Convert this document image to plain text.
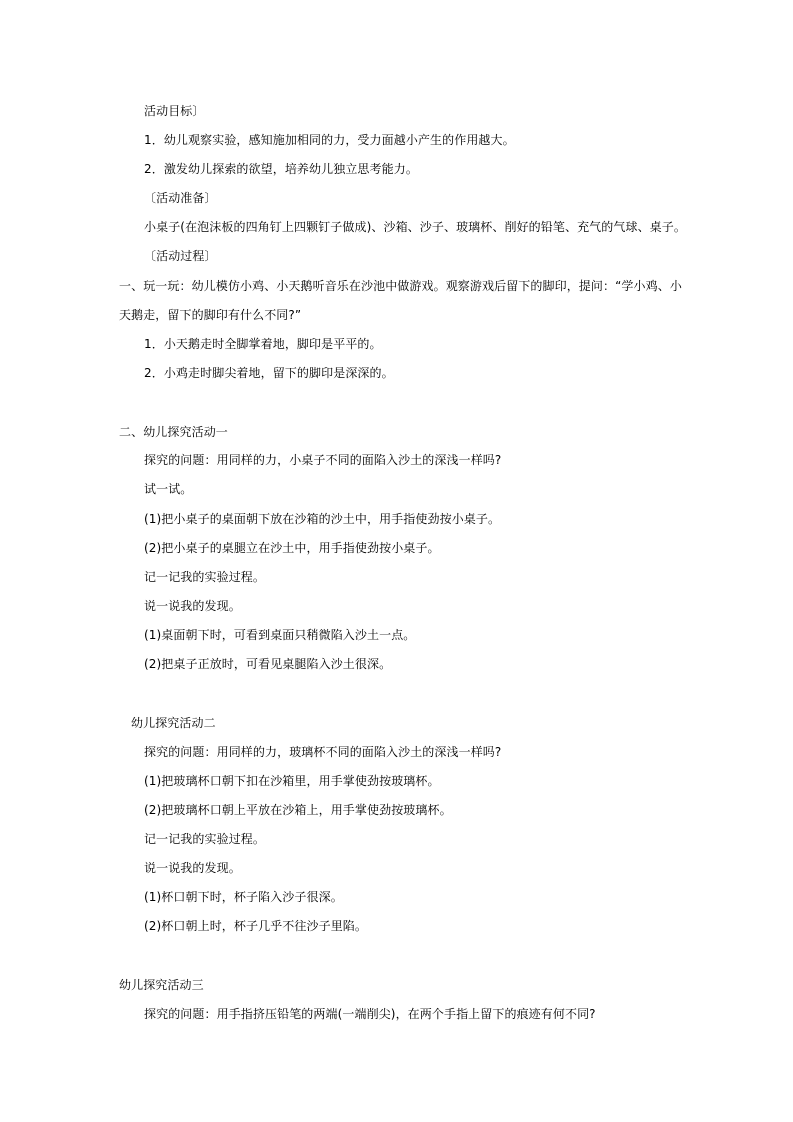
活动目标〕
1．幼儿观察实验，感知施加相同的力，受力面越小产生的作用越大。
2．激发幼儿探索的欲望，培养幼儿独立思考能力。
〔活动准备〕
小桌子(在泡沫板的四角钉上四颗钉子做成)、沙箱、沙子、玻璃杯、削好的铅笔、充气的气球、桌子。
〔活动过程〕
一、玩一玩：幼儿模仿小鸡、小天鹅听音乐在沙池中做游戏。观察游戏后留下的脚印，提问：“学小鸡、小
天鹅走，留下的脚印有什么不同?”
1．小天鹅走时全脚掌着地，脚印是平平的。
2．小鸡走时脚尖着地，留下的脚印是深深的。
二、幼儿探究活动一
探究的问题：用同样的力，小桌子不同的面陷入沙土的深浅一样吗?
试一试。
(1)把小桌子的桌面朝下放在沙箱的沙土中，用手指使劲按小桌子。
(2)把小桌子的桌腿立在沙土中，用手指使劲按小桌子。
记一记我的实验过程。
说一说我的发现。
(1)桌面朝下时，可看到桌面只稍微陷入沙土一点。
(2)把桌子正放时，可看见桌腿陷入沙土很深。
幼儿探究活动二
探究的问题：用同样的力，玻璃杯不同的面陷入沙土的深浅一样吗?
(1)把玻璃杯口朝下扣在沙箱里，用手掌使劲按玻璃杯。
(2)把玻璃杯口朝上平放在沙箱上，用手掌使劲按玻璃杯。
记一记我的实验过程。
说一说我的发现。
(1)杯口朝下时，杯子陷入沙子很深。
(2)杯口朝上时，杯子几乎不往沙子里陷。
幼儿探究活动三
探究的问题：用手指挤压铅笔的两端(一端削尖)，在两个手指上留下的痕迹有何不同?
